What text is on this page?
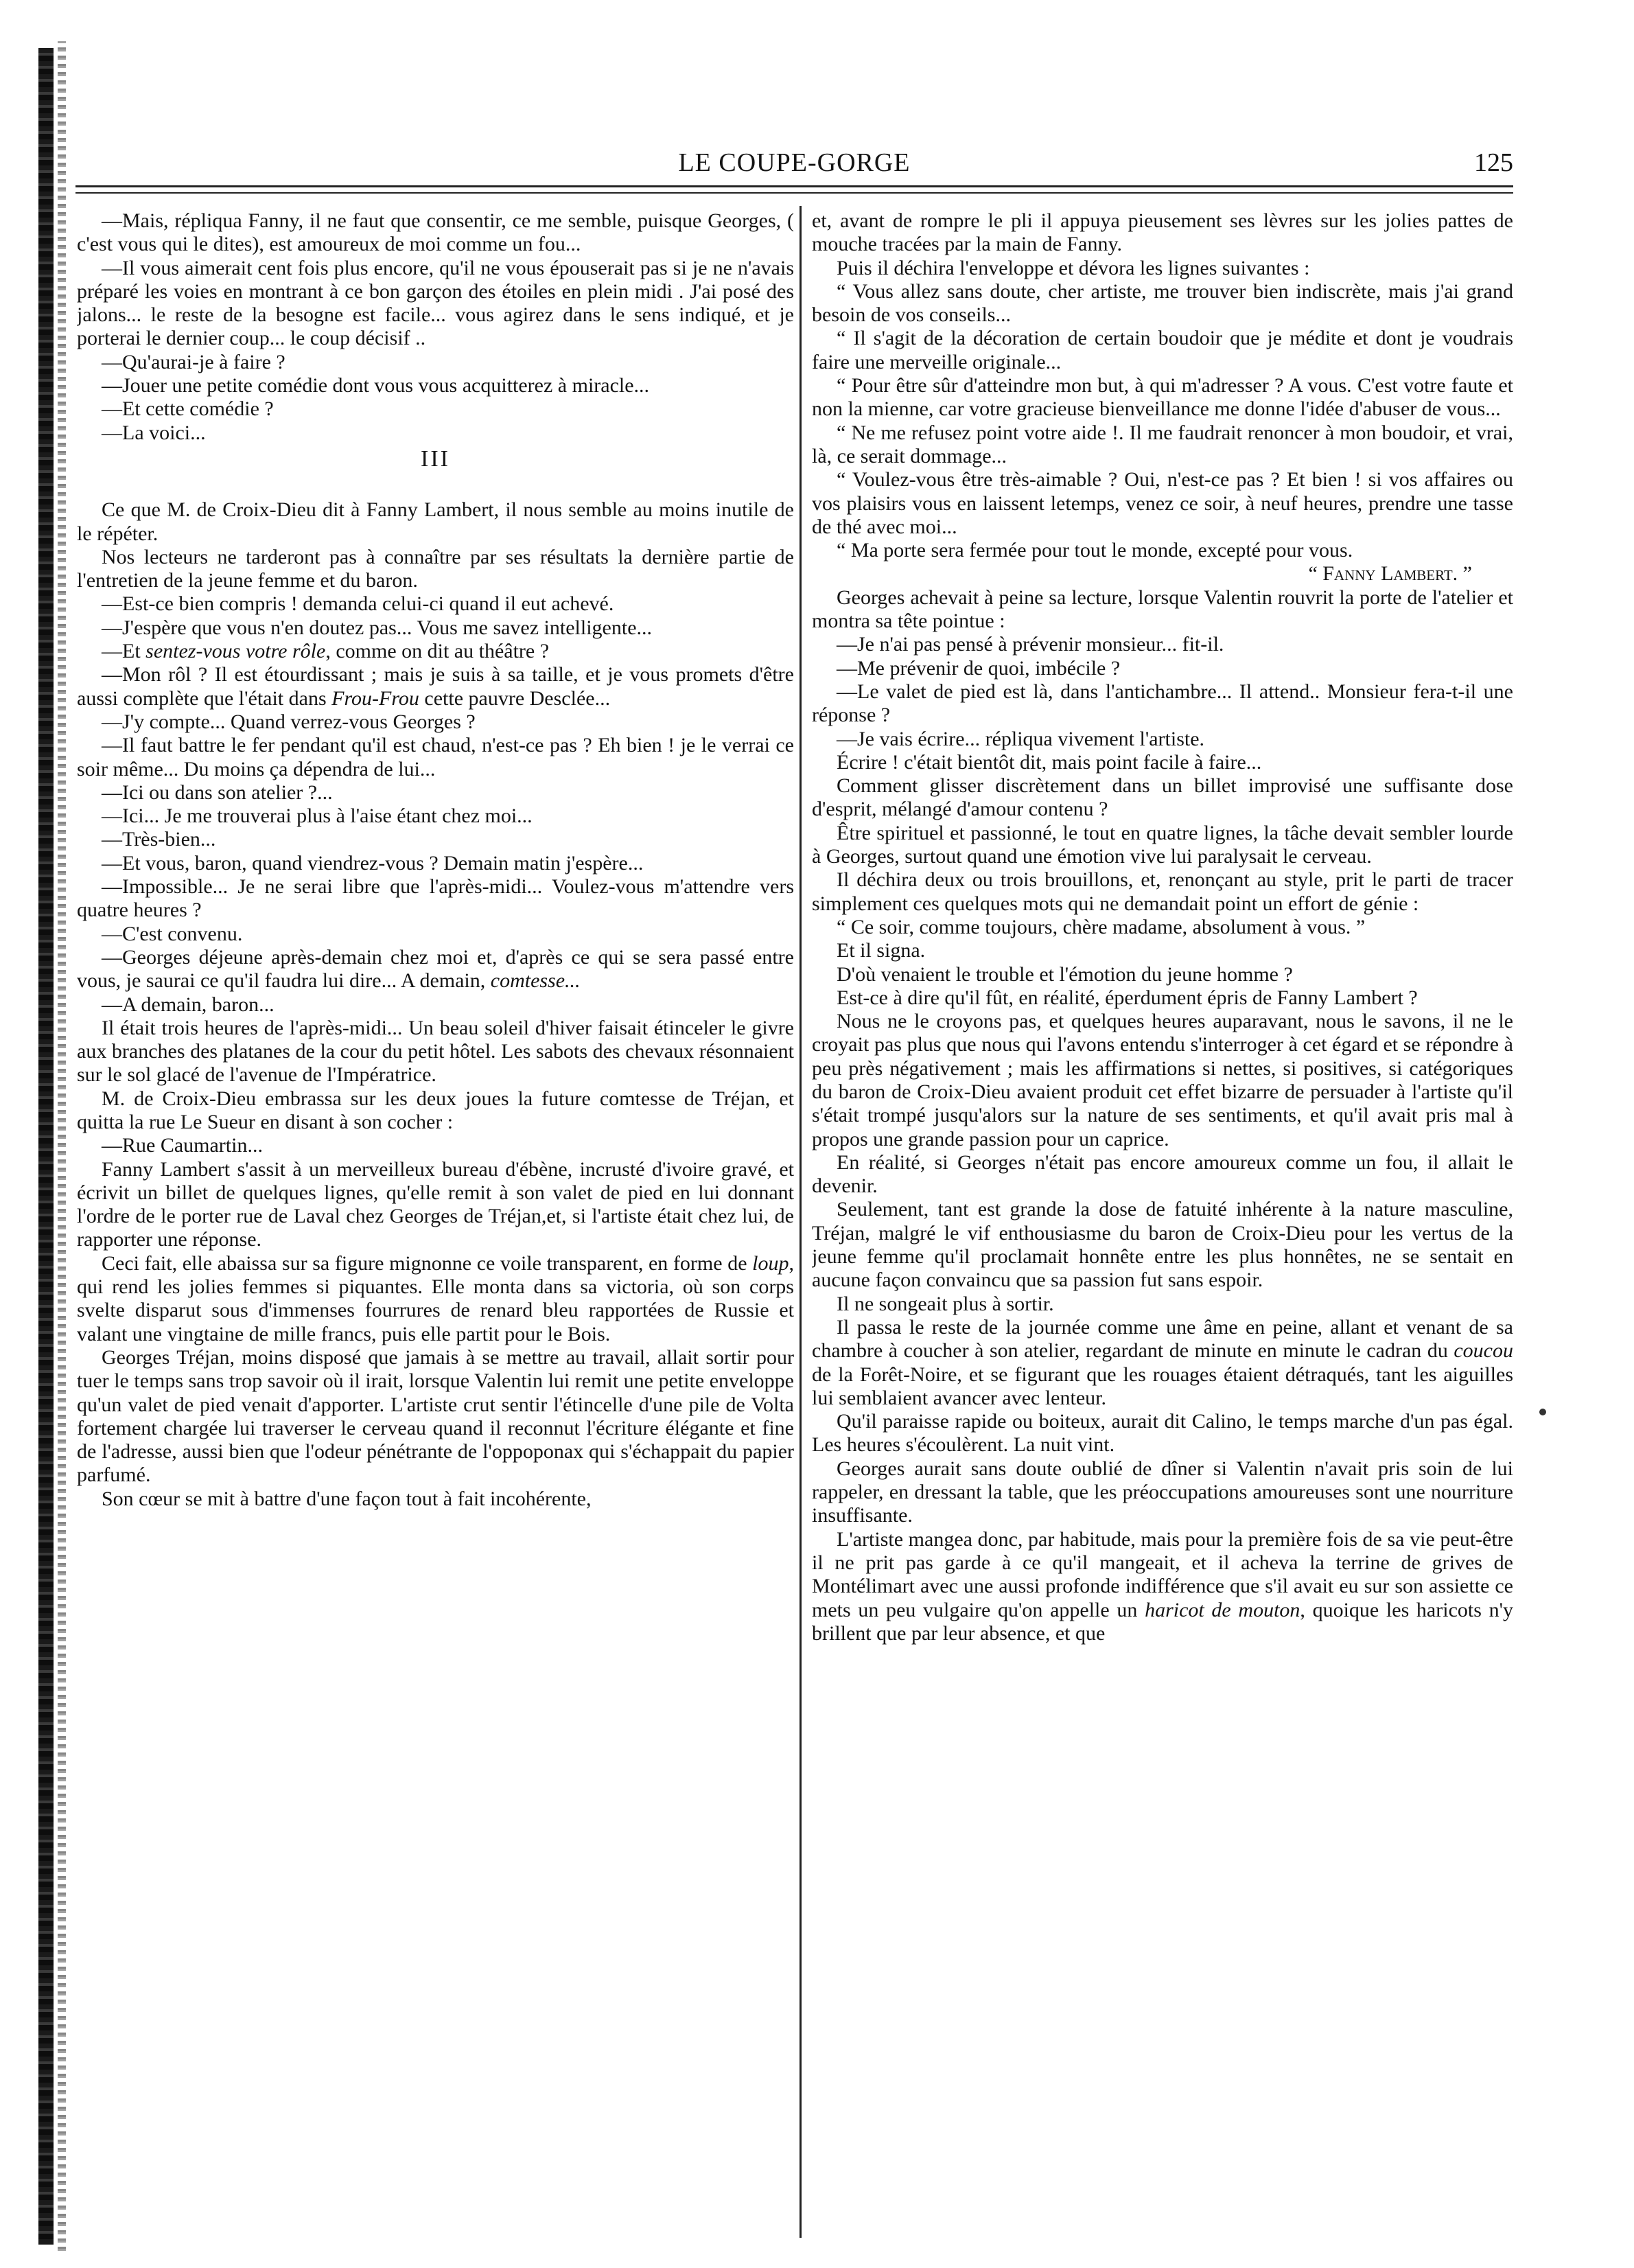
LE COUPE-GORGE	125

—Mais, répliqua Fanny, il ne faut que consentir, ce me semble, puisque Georges, ( c'est vous qui le dites), est amoureux de moi comme un fou...

—Il vous aimerait cent fois plus encore, qu'il ne vous épouserait pas si je ne n'avais préparé les voies en montrant à ce bon garçon des étoiles en plein midi . J'ai posé des jalons... le reste de la besogne est facile... vous agirez dans le sens indiqué, et je porterai le dernier coup... le coup décisif ..

—Qu'aurai-je à faire ?

—Jouer une petite comédie dont vous vous acquitterez à miracle...

—Et cette comédie ?

—La voici...

III

Ce que M. de Croix-Dieu dit à Fanny Lambert, il nous semble au moins inutile de le répéter.

Nos lecteurs ne tarderont pas à connaître par ses résultats la dernière partie de l'entretien de la jeune femme et du baron.

—Est-ce bien compris ! demanda celui-ci quand il eut achevé.

—J'espère que vous n'en doutez pas... Vous me savez intelligente...

—Et sentez-vous votre rôle, comme on dit au théâtre ?

—Mon rôl ? Il est étourdissant ; mais je suis à sa taille, et je vous promets d'être aussi complète que l'était dans Frou-Frou cette pauvre Desclée...

—J'y compte... Quand verrez-vous Georges ?

—Il faut battre le fer pendant qu'il est chaud, n'est-ce pas ? Eh bien ! je le verrai ce soir même... Du moins ça dépendra de lui...

—Ici ou dans son atelier ?...

—Ici... Je me trouverai plus à l'aise étant chez moi...

—Très-bien...

—Et vous, baron, quand viendrez-vous ? Demain matin j'espère...

—Impossible... Je ne serai libre que l'après-midi... Voulez-vous m'attendre vers quatre heures ?

—C'est convenu.

—Georges déjeune après-demain chez moi et, d'après ce qui se sera passé entre vous, je saurai ce qu'il faudra lui dire... A demain, comtesse...

—A demain, baron...

Il était trois heures de l'après-midi... Un beau soleil d'hiver faisait étinceler le givre aux branches des platanes de la cour du petit hôtel. Les sabots des chevaux résonnaient sur le sol glacé de l'avenue de l'Impératrice.

M. de Croix-Dieu embrassa sur les deux joues la future comtesse de Tréjan, et quitta la rue Le Sueur en disant à son cocher :

—Rue Caumartin...

Fanny Lambert s'assit à un merveilleux bureau d'ébène, incrusté d'ivoire gravé, et écrivit un billet de quelques lignes, qu'elle remit à son valet de pied en lui donnant l'ordre de le porter rue de Laval chez Georges de Tréjan,et, si l'artiste était chez lui, de rapporter une réponse.

Ceci fait, elle abaissa sur sa figure mignonne ce voile transparent, en forme de loup, qui rend les jolies femmes si piquantes. Elle monta dans sa victoria, où son corps svelte disparut sous d'immenses fourrures de renard bleu rapportées de Russie et valant une vingtaine de mille francs, puis elle partit pour le Bois.

Georges Tréjan, moins disposé que jamais à se mettre au travail, allait sortir pour tuer le temps sans trop savoir où il irait, lorsque Valentin lui remit une petite enveloppe qu'un valet de pied venait d'apporter. L'artiste crut sentir l'étincelle d'une pile de Volta fortement chargée lui traverser le cerveau quand il reconnut l'écriture élégante et fine de l'adresse, aussi bien que l'odeur pénétrante de l'oppoponax qui s'échappait du papier parfumé.

Son cœur se mit à battre d'une façon tout à fait incohérente,

et, avant de rompre le pli il appuya pieusement ses lèvres sur les jolies pattes de mouche tracées par la main de Fanny.

Puis il déchira l'enveloppe et dévora les lignes suivantes :

“ Vous allez sans doute, cher artiste, me trouver bien indiscrète, mais j'ai grand besoin de vos conseils...

“ Il s'agit de la décoration de certain boudoir que je médite et dont je voudrais faire une merveille originale...

“ Pour être sûr d'atteindre mon but, à qui m'adresser ? A vous. C'est votre faute et non la mienne, car votre gracieuse bienveillance me donne l'idée d'abuser de vous...

“ Ne me refusez point votre aide !. Il me faudrait renoncer à mon boudoir, et vrai, là, ce serait dommage...

“ Voulez-vous être très-aimable ? Oui, n'est-ce pas ? Et bien ! si vos affaires ou vos plaisirs vous en laissent letemps, venez ce soir, à neuf heures, prendre une tasse de thé avec moi...

“ Ma porte sera fermée pour tout le monde, excepté pour vous.

“ Fanny Lambert. ”

Georges achevait à peine sa lecture, lorsque Valentin rouvrit la porte de l'atelier et montra sa tête pointue :

—Je n'ai pas pensé à prévenir monsieur... fit-il.

—Me prévenir de quoi, imbécile ?

—Le valet de pied est là, dans l'antichambre... Il attend.. Monsieur fera-t-il une réponse ?

—Je vais écrire... répliqua vivement l'artiste.

Écrire ! c'était bientôt dit, mais point facile à faire...

Comment glisser discrètement dans un billet improvisé une suffisante dose d'esprit, mélangé d'amour contenu ?

Être spirituel et passionné, le tout en quatre lignes, la tâche devait sembler lourde à Georges, surtout quand une émotion vive lui paralysait le cerveau.

Il déchira deux ou trois brouillons, et, renonçant au style, prit le parti de tracer simplement ces quelques mots qui ne demandait point un effort de génie :

“ Ce soir, comme toujours, chère madame, absolument à vous. ”

Et il signa.

D'où venaient le trouble et l'émotion du jeune homme ?

Est-ce à dire qu'il fût, en réalité, éperdument épris de Fanny Lambert ?

Nous ne le croyons pas, et quelques heures auparavant, nous le savons, il ne le croyait pas plus que nous qui l'avons entendu s'interroger à cet égard et se répondre à peu près négativement ; mais les affirmations si nettes, si positives, si catégoriques du baron de Croix-Dieu avaient produit cet effet bizarre de persuader à l'artiste qu'il s'était trompé jusqu'alors sur la nature de ses sentiments, et qu'il avait pris mal à propos une grande passion pour un caprice.

En réalité, si Georges n'était pas encore amoureux comme un fou, il allait le devenir.

Seulement, tant est grande la dose de fatuité inhérente à la nature masculine, Tréjan, malgré le vif enthousiasme du baron de Croix-Dieu pour les vertus de la jeune femme qu'il proclamait honnête entre les plus honnêtes, ne se sentait en aucune façon convaincu que sa passion fut sans espoir.

Il ne songeait plus à sortir.

Il passa le reste de la journée comme une âme en peine, allant et venant de sa chambre à coucher à son atelier, regardant de minute en minute le cadran du coucou de la Forêt-Noire, et se figurant que les rouages étaient détraqués, tant les aiguilles lui semblaient avancer avec lenteur.

Qu'il paraisse rapide ou boiteux, aurait dit Calino, le temps marche d'un pas égal. Les heures s'écoulèrent. La nuit vint.

Georges aurait sans doute oublié de dîner si Valentin n'avait pris soin de lui rappeler, en dressant la table, que les préoccupations amoureuses sont une nourriture insuffisante.

L'artiste mangea donc, par habitude, mais pour la première fois de sa vie peut-être il ne prit pas garde à ce qu'il mangeait, et il acheva la terrine de grives de Montélimart avec une aussi profonde indifférence que s'il avait eu sur son assiette ce mets un peu vulgaire qu'on appelle un haricot de mouton, quoique les haricots n'y brillent que par leur absence, et que
